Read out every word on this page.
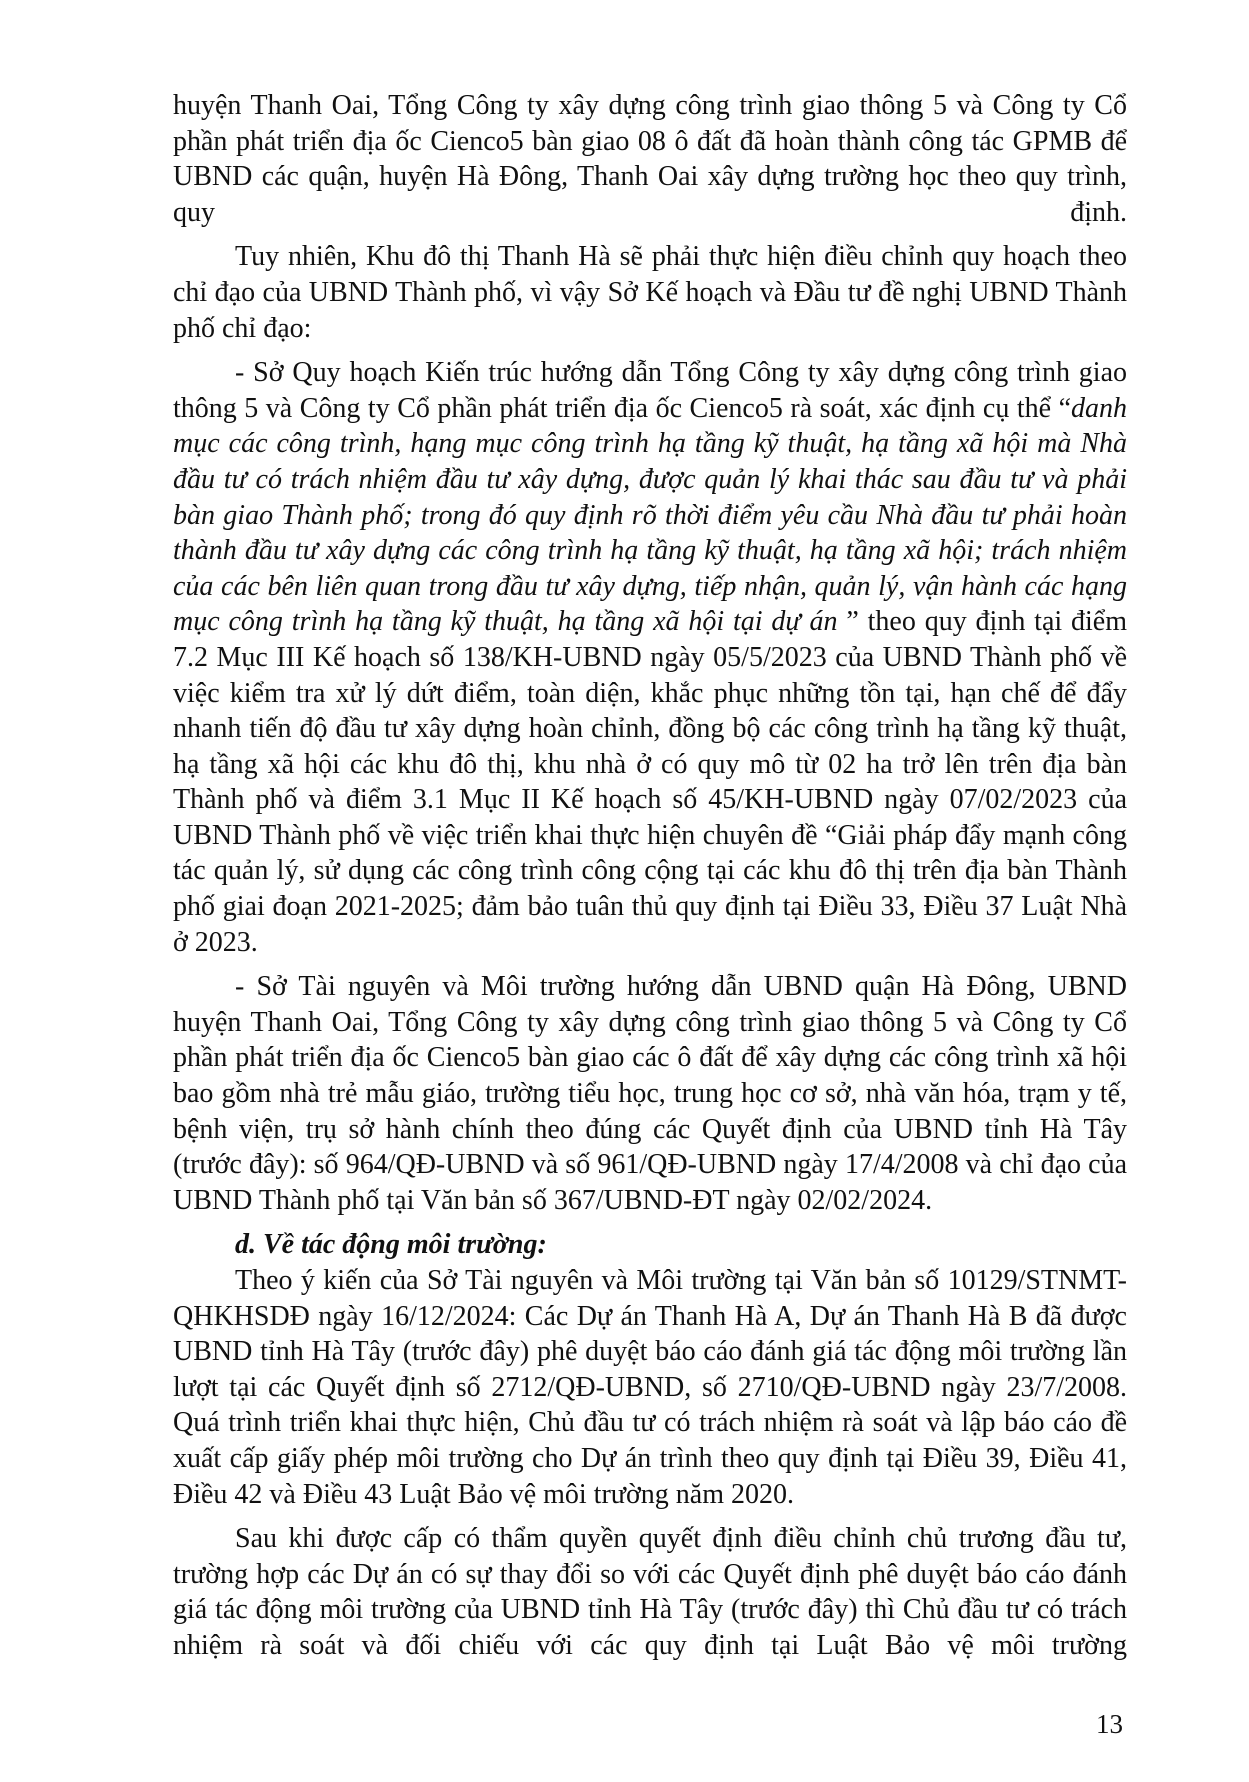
huyện Thanh Oai, Tổng Công ty xây dựng công trình giao thông 5 và Công ty Cổ phần phát triển địa ốc Cienco5 bàn giao 08 ô đất đã hoàn thành công tác GPMB để UBND các quận, huyện Hà Đông, Thanh Oai xây dựng trường học theo quy trình, quy định.

Tuy nhiên, Khu đô thị Thanh Hà sẽ phải thực hiện điều chỉnh quy hoạch theo chỉ đạo của UBND Thành phố, vì vậy Sở Kế hoạch và Đầu tư đề nghị UBND Thành phố chỉ đạo:

- Sở Quy hoạch Kiến trúc hướng dẫn Tổng Công ty xây dựng công trình giao thông 5 và Công ty Cổ phần phát triển địa ốc Cienco5 rà soát, xác định cụ thể “danh mục các công trình, hạng mục công trình hạ tầng kỹ thuật, hạ tầng xã hội mà Nhà đầu tư có trách nhiệm đầu tư xây dựng, được quản lý khai thác sau đầu tư và phải bàn giao Thành phố; trong đó quy định rõ thời điểm yêu cầu Nhà đầu tư phải hoàn thành đầu tư xây dựng các công trình hạ tầng kỹ thuật, hạ tầng xã hội; trách nhiệm của các bên liên quan trong đầu tư xây dựng, tiếp nhận, quản lý, vận hành các hạng mục công trình hạ tầng kỹ thuật, hạ tầng xã hội tại dự án ” theo quy định tại điểm 7.2 Mục III Kế hoạch số 138/KH-UBND ngày 05/5/2023 của UBND Thành phố về việc kiểm tra xử lý dứt điểm, toàn diện, khắc phục những tồn tại, hạn chế để đẩy nhanh tiến độ đầu tư xây dựng hoàn chỉnh, đồng bộ các công trình hạ tầng kỹ thuật, hạ tầng xã hội các khu đô thị, khu nhà ở có quy mô từ 02 ha trở lên trên địa bàn Thành phố và điểm 3.1 Mục II Kế hoạch số 45/KH-UBND ngày 07/02/2023 của UBND Thành phố về việc triển khai thực hiện chuyên đề “Giải pháp đẩy mạnh công tác quản lý, sử dụng các công trình công cộng tại các khu đô thị trên địa bàn Thành phố giai đoạn 2021-2025; đảm bảo tuân thủ quy định tại Điều 33, Điều 37 Luật Nhà ở 2023.

- Sở Tài nguyên và Môi trường hướng dẫn UBND quận Hà Đông, UBND huyện Thanh Oai, Tổng Công ty xây dựng công trình giao thông 5 và Công ty Cổ phần phát triển địa ốc Cienco5 bàn giao các ô đất để xây dựng các công trình xã hội bao gồm nhà trẻ mẫu giáo, trường tiểu học, trung học cơ sở, nhà văn hóa, trạm y tế, bệnh viện, trụ sở hành chính theo đúng các Quyết định của UBND tỉnh Hà Tây (trước đây): số 964/QĐ-UBND và số 961/QĐ-UBND ngày 17/4/2008 và chỉ đạo của UBND Thành phố tại Văn bản số 367/UBND-ĐT ngày 02/02/2024.

d. Về tác động môi trường:

Theo ý kiến của Sở Tài nguyên và Môi trường tại Văn bản số 10129/STNMT-QHKHSDĐ ngày 16/12/2024: Các Dự án Thanh Hà A, Dự án Thanh Hà B đã được UBND tỉnh Hà Tây (trước đây) phê duyệt báo cáo đánh giá tác động môi trường lần lượt tại các Quyết định số 2712/QĐ-UBND, số 2710/QĐ-UBND ngày 23/7/2008. Quá trình triển khai thực hiện, Chủ đầu tư có trách nhiệm rà soát và lập báo cáo đề xuất cấp giấy phép môi trường cho Dự án trình theo quy định tại Điều 39, Điều 41, Điều 42 và Điều 43 Luật Bảo vệ môi trường năm 2020.

Sau khi được cấp có thẩm quyền quyết định điều chỉnh chủ trương đầu tư, trường hợp các Dự án có sự thay đổi so với các Quyết định phê duyệt báo cáo đánh giá tác động môi trường của UBND tỉnh Hà Tây (trước đây) thì Chủ đầu tư có trách nhiệm rà soát và đối chiếu với các quy định tại Luật Bảo vệ môi trường

13
